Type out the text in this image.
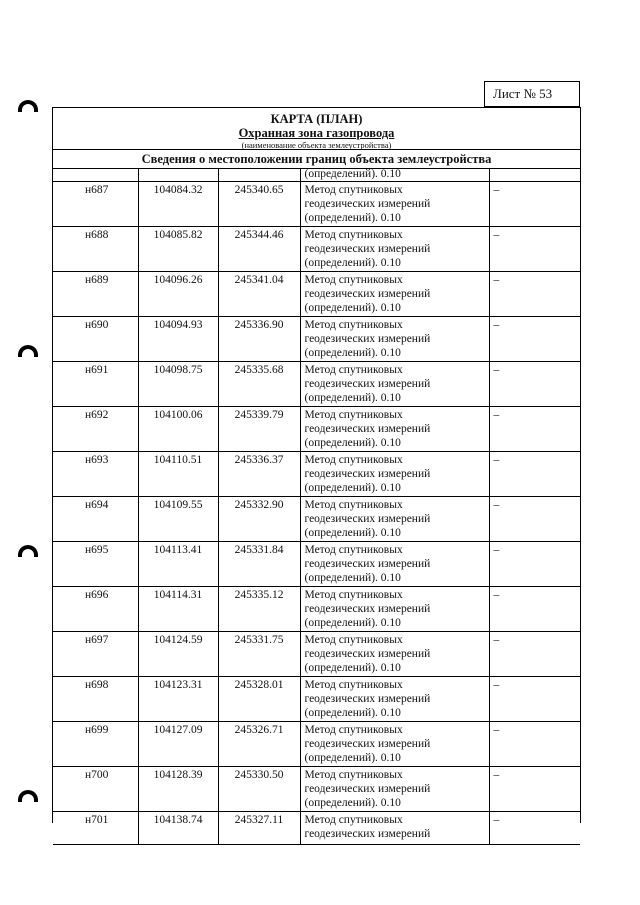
Лист № 53
КАРТА (ПЛАН)
Охранная зона газопровода
(наименование объекта землеустройства)
Сведения о местоположении границ объекта землеустройства
			(определений). 0.10	
н687	104084.32	245340.65	Метод спутниковых
геодезических измерений
(определений). 0.10	–
н688	104085.82	245344.46	Метод спутниковых
геодезических измерений
(определений). 0.10	–
н689	104096.26	245341.04	Метод спутниковых
геодезических измерений
(определений). 0.10	–
н690	104094.93	245336.90	Метод спутниковых
геодезических измерений
(определений). 0.10	–
н691	104098.75	245335.68	Метод спутниковых
геодезических измерений
(определений). 0.10	–
н692	104100.06	245339.79	Метод спутниковых
геодезических измерений
(определений). 0.10	–
н693	104110.51	245336.37	Метод спутниковых
геодезических измерений
(определений). 0.10	–
н694	104109.55	245332.90	Метод спутниковых
геодезических измерений
(определений). 0.10	–
н695	104113.41	245331.84	Метод спутниковых
геодезических измерений
(определений). 0.10	–
н696	104114.31	245335.12	Метод спутниковых
геодезических измерений
(определений). 0.10	–
н697	104124.59	245331.75	Метод спутниковых
геодезических измерений
(определений). 0.10	–
н698	104123.31	245328.01	Метод спутниковых
геодезических измерений
(определений). 0.10	–
н699	104127.09	245326.71	Метод спутниковых
геодезических измерений
(определений). 0.10	–
н700	104128.39	245330.50	Метод спутниковых
геодезических измерений
(определений). 0.10	–
н701	104138.74	245327.11	Метод спутниковых
геодезических измерений	–
